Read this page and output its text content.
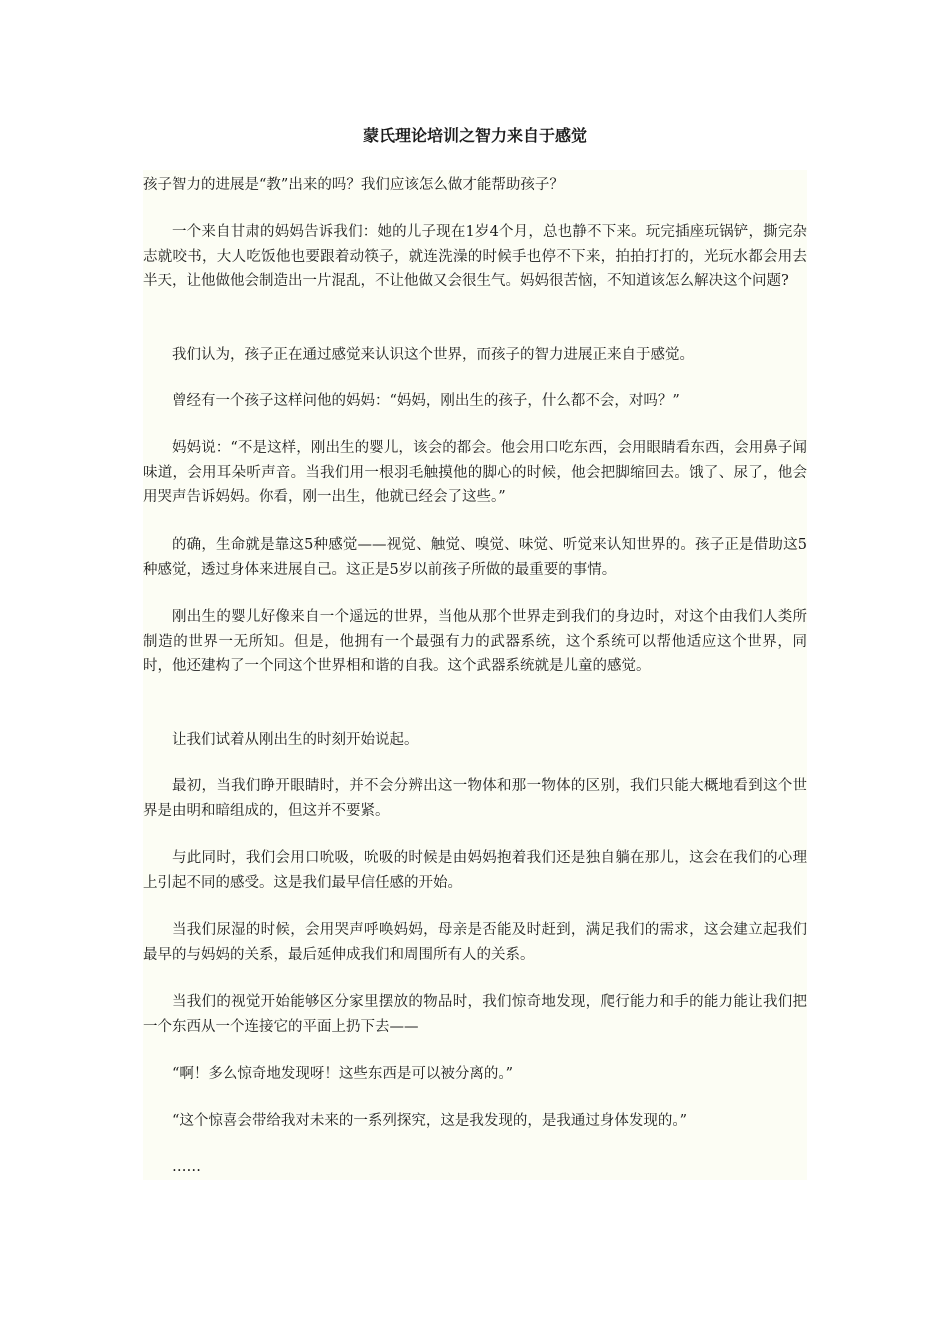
蒙氏理论培训之智力来自于感觉

孩子智力的进展是“教”出来的吗？我们应该怎么做才能帮助孩子？

一个来自甘肃的妈妈告诉我们：她的儿子现在1岁4个月，总也静不下来。玩完插座玩锅铲，撕完杂志就咬书，大人吃饭他也要跟着动筷子，就连洗澡的时候手也停不下来，拍拍打打的，光玩水都会用去半天，让他做他会制造出一片混乱，不让他做又会很生气。妈妈很苦恼，不知道该怎么解决这个问题?

我们认为，孩子正在通过感觉来认识这个世界，而孩子的智力进展正来自于感觉。

曾经有一个孩子这样问他的妈妈：“妈妈，刚出生的孩子，什么都不会，对吗？”

妈妈说：“不是这样，刚出生的婴儿，该会的都会。他会用口吃东西，会用眼睛看东西，会用鼻子闻味道，会用耳朵听声音。当我们用一根羽毛触摸他的脚心的时候，他会把脚缩回去。饿了、尿了，他会用哭声告诉妈妈。你看，刚一出生，他就已经会了这些。”

的确，生命就是靠这5种感觉——视觉、触觉、嗅觉、味觉、听觉来认知世界的。孩子正是借助这5种感觉，透过身体来进展自己。这正是5岁以前孩子所做的最重要的事情。

刚出生的婴儿好像来自一个遥远的世界，当他从那个世界走到我们的身边时，对这个由我们人类所制造的世界一无所知。但是，他拥有一个最强有力的武器系统，这个系统可以帮他适应这个世界，同时，他还建构了一个同这个世界相和谐的自我。这个武器系统就是儿童的感觉。

让我们试着从刚出生的时刻开始说起。

最初，当我们睁开眼睛时，并不会分辨出这一物体和那一物体的区别，我们只能大概地看到这个世界是由明和暗组成的，但这并不要紧。

与此同时，我们会用口吮吸，吮吸的时候是由妈妈抱着我们还是独自躺在那儿，这会在我们的心理上引起不同的感受。这是我们最早信任感的开始。

当我们尿湿的时候，会用哭声呼唤妈妈，母亲是否能及时赶到，满足我们的需求，这会建立起我们最早的与妈妈的关系，最后延伸成我们和周围所有人的关系。

当我们的视觉开始能够区分家里摆放的物品时，我们惊奇地发现，爬行能力和手的能力能让我们把一个东西从一个连接它的平面上扔下去——

“啊！多么惊奇地发现呀！这些东西是可以被分离的。”

“这个惊喜会带给我对未来的一系列探究，这是我发现的，是我通过身体发现的。”

……
